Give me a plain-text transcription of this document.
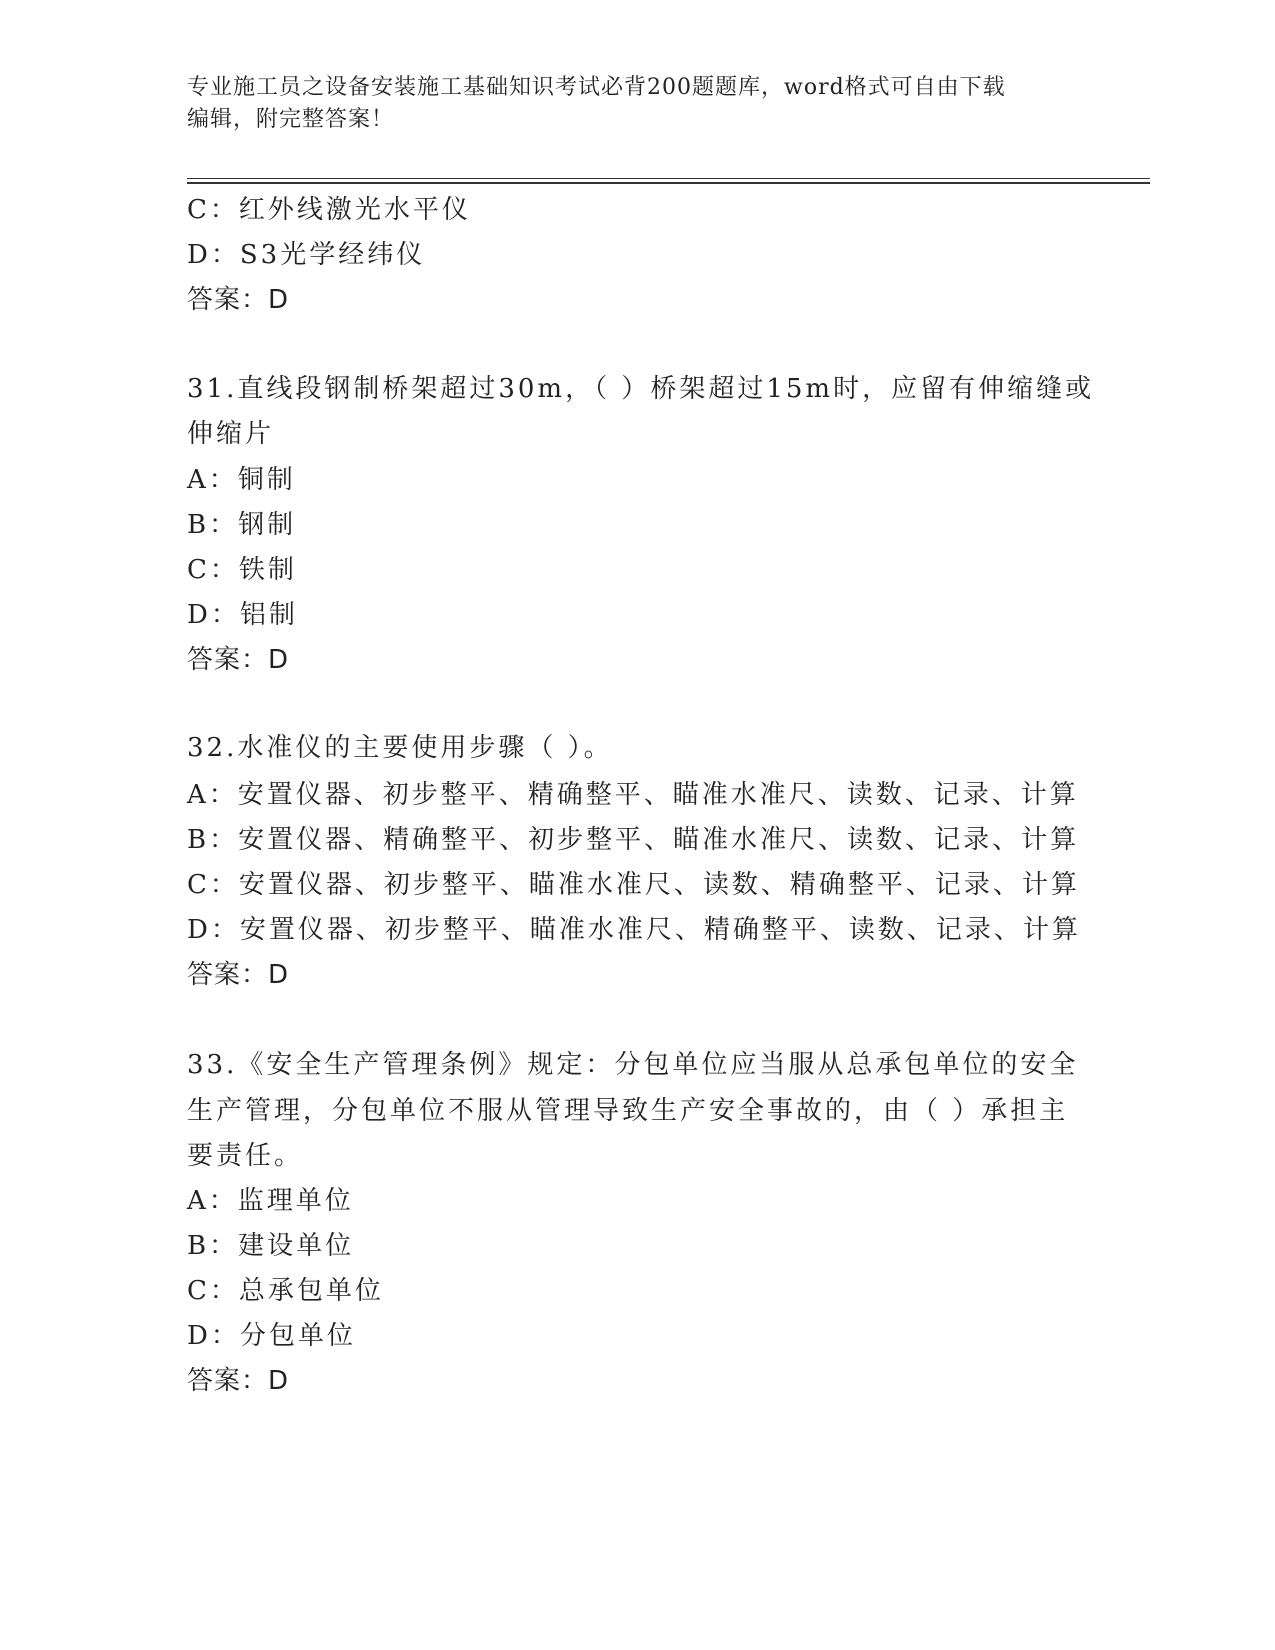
专业施工员之设备安装施工基础知识考试必背200题题库，word格式可自由下载
编辑，附完整答案！
C：红外线激光水平仪
D：S3光学经纬仪
答案：D
31.直线段钢制桥架超过30m，（ ）桥架超过15m时，应留有伸缩缝或
伸缩片
A：铜制
B：钢制
C：铁制
D：铝制
答案：D
32.水准仪的主要使用步骤（ ）。
A：安置仪器、初步整平、精确整平、瞄准水准尺、读数、记录、计算
B：安置仪器、精确整平、初步整平、瞄准水准尺、读数、记录、计算
C：安置仪器、初步整平、瞄准水准尺、读数、精确整平、记录、计算
D：安置仪器、初步整平、瞄准水准尺、精确整平、读数、记录、计算
答案：D
33.《安全生产管理条例》规定：分包单位应当服从总承包单位的安全
生产管理，分包单位不服从管理导致生产安全事故的，由（ ）承担主
要责任。
A：监理单位
B：建设单位
C：总承包单位
D：分包单位
答案：D
